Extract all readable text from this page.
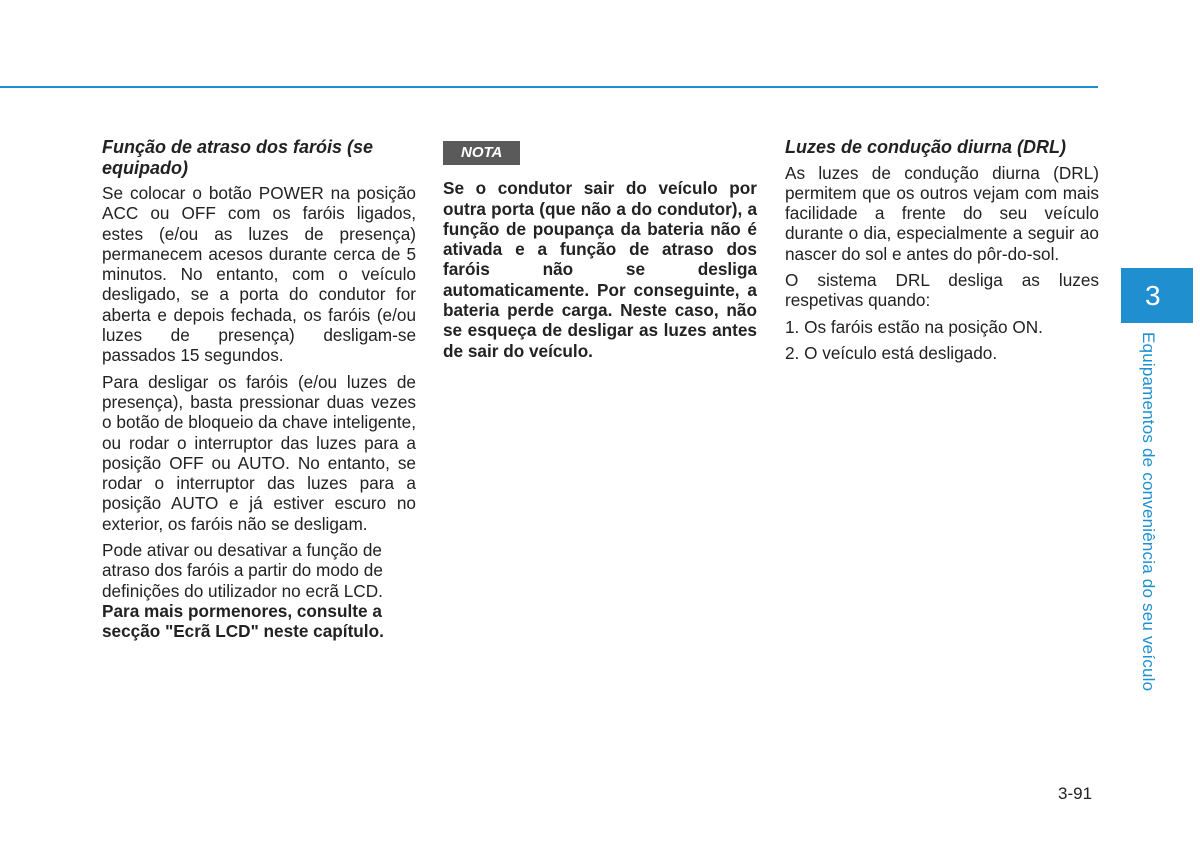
Função de atraso dos faróis (se equipado)

Se colocar o botão POWER na posição ACC ou OFF com os faróis ligados, estes (e/ou as luzes de presença) permanecem acesos durante cerca de 5 minutos. No entanto, com o veículo desligado, se a porta do condutor for aberta e depois fechada, os faróis (e/ou luzes de presença) desligam-se passados 15 segundos.

Para desligar os faróis (e/ou luzes de presença), basta pressionar duas vezes o botão de bloqueio da chave inteligente, ou rodar o interruptor das luzes para a posição OFF ou AUTO. No entanto, se rodar o interruptor das luzes para a posição AUTO e já estiver escuro no exterior, os faróis não se desligam.

Pode ativar ou desativar a função de atraso dos faróis a partir do modo de definições do utilizador no ecrã LCD. Para mais pormenores, consulte a secção "Ecrã LCD" neste capítulo.

NOTA

Se o condutor sair do veículo por outra porta (que não a do condutor), a função de poupança da bateria não é ativada e a função de atraso dos faróis não se desliga automaticamente. Por conseguinte, a bateria perde carga. Neste caso, não se esqueça de desligar as luzes antes de sair do veículo.

Luzes de condução diurna (DRL)

As luzes de condução diurna (DRL) permitem que os outros vejam com mais facilidade a frente do seu veículo durante o dia, especialmente a seguir ao nascer do sol e antes do pôr-do-sol.

O sistema DRL desliga as luzes respetivas quando:

1. Os faróis estão na posição ON.

2. O veículo está desligado.

3
Equipamentos de conveniência do seu veículo
3-91
